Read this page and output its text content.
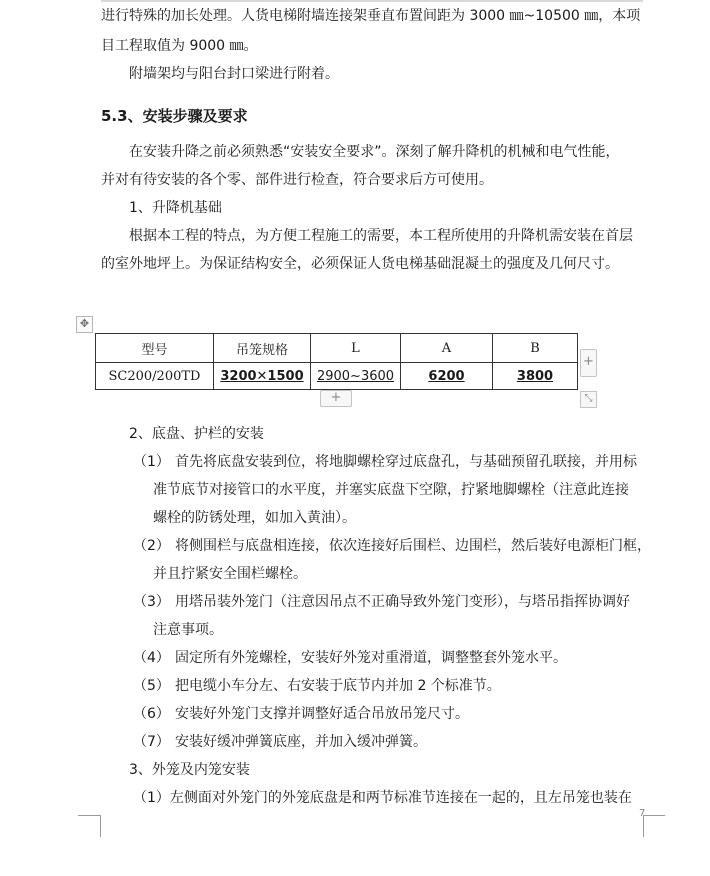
进行特殊的加长处理。人货电梯附墙连接架垂直布置间距为 3000 ㎜~10500 ㎜，本项
目工程取值为 9000 ㎜。
附墙架均与阳台封口梁进行附着。
5.3、安装步骤及要求
在安装升降之前必须熟悉“安装安全要求”。深刻了解升降机的机械和电气性能，
并对有待安装的各个零、部件进行检查，符合要求后方可使用。
1、升降机基础
根据本工程的特点，为方便工程施工的需要，本工程所使用的升降机需安装在首层
的室外地坪上。为保证结构安全，必须保证人货电梯基础混凝土的强度及几何尺寸。
✥
型号	吊笼规格	L	A	B
SC200/200TD	3200✕1500	2900~3600	6200	3800
+
+	⤡
2、底盘、护栏的安装
（1） 首先将底盘安装到位，将地脚螺栓穿过底盘孔，与基础预留孔联接，并用标
准节底节对接管口的水平度，并塞实底盘下空隙，拧紧地脚螺栓（注意此连接
螺栓的防锈处理，如加入黄油）。
（2） 将侧围栏与底盘相连接，依次连接好后围栏、边围栏，然后装好电源柜门框，
并且拧紧安全围栏螺栓。
（3） 用塔吊装外笼门（注意因吊点不正确导致外笼门变形），与塔吊指挥协调好
注意事项。
（4） 固定所有外笼螺栓，安装好外笼对重滑道，调整整套外笼水平。
（5） 把电缆小车分左、右安装于底节内并加 2 个标准节。
（6） 安装好外笼门支撑并调整好适合吊放吊笼尺寸。
（7） 安装好缓冲弹簧底座，并加入缓冲弹簧。
3、外笼及内笼安装
（1）左侧面对外笼门的外笼底盘是和两节标准节连接在一起的，且左吊笼也装在
7
